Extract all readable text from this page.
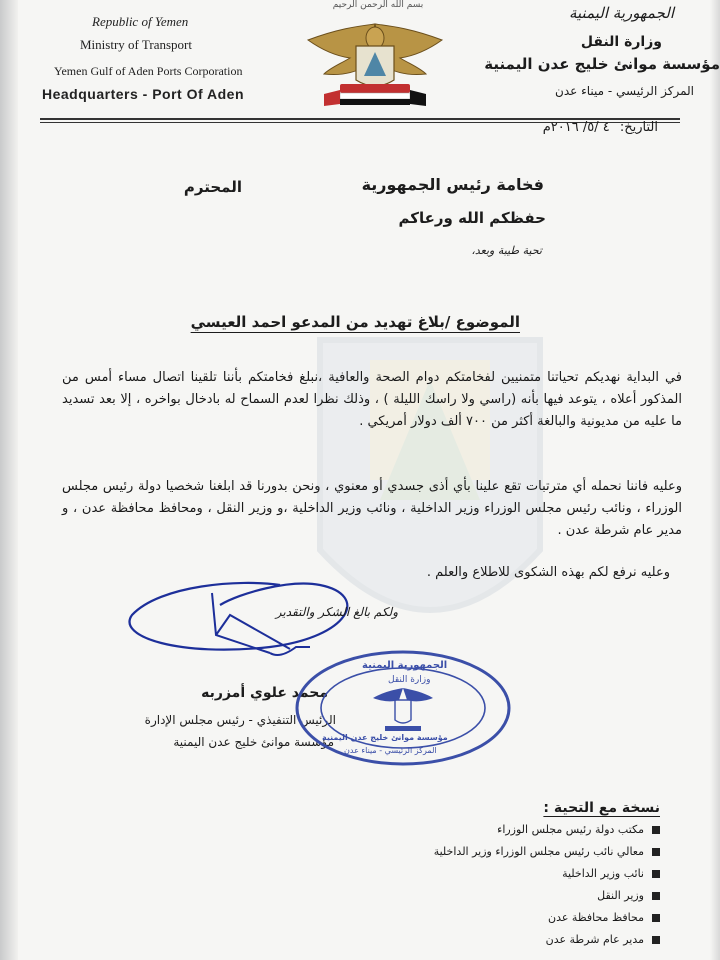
Republic of Yemen
Ministry of Transport
Yemen Gulf of Aden Ports Corporation
Headquarters - Port Of Aden
بسم الله الرحمن الرحيم	الجمهورية اليمنية
وزارة النقل
مؤسسة موانئ خليج عدن اليمنية
المركز الرئيسي - ميناء عدن
التاريخ: ٤ /٥/ ٢٠١٦م
فخامة رئيس الجمهورية
المحترم
حفظكم الله ورعاكم
تحية طيبة وبعد،
الموضوع /بلاغ تهديد من المدعو احمد العيسي
في البداية نهديكم تحياتنا متمنيين لفخامتكم دوام الصحة والعافية ،نبلغ فخامتكم بأننا تلقينا اتصال مساء أمس من المذكور أعلاه ، يتوعد فيها بأنه (راسي ولا راسك الليلة ) ، وذلك نظرا لعدم السماح له بادخال بواخره ، إلا بعد تسديد ما عليه من مديونية والبالغة أكثر من ٧٠٠ ألف دولار أمريكي .
وعليه فاننا نحمله أي مترتبات تقع علينا بأي أذى جسدي أو معنوي ، ونحن بدورنا قد ابلغنا شخصيا دولة رئيس مجلس الوزراء ، ونائب رئيس مجلس الوزراء وزير الداخلية ، ونائب وزير الداخلية ،و وزير النقل ، ومحافظ محافظة عدن ، و مدير عام شرطة عدن .
وعليه نرفع لكم بهذه الشكوى للاطلاع والعلم .
ولكم بالغ الشكر والتقدير
محمد علوي أمزربه
الرئيس التنفيذي - رئيس مجلس الإدارة
مؤسسة موانئ خليج عدن اليمنية
الجمهورية اليمنية
وزارة النقل
مؤسسة موانئ خليج عدن اليمنية
المركز الرئيسي - ميناء عدن
نسخة مع التحية :
مكتب دولة رئيس مجلس الوزراء
معالي نائب رئيس مجلس الوزراء وزير الداخلية
نائب وزير الداخلية
وزير النقل
محافظ محافظة عدن
مدير عام شرطة عدن
